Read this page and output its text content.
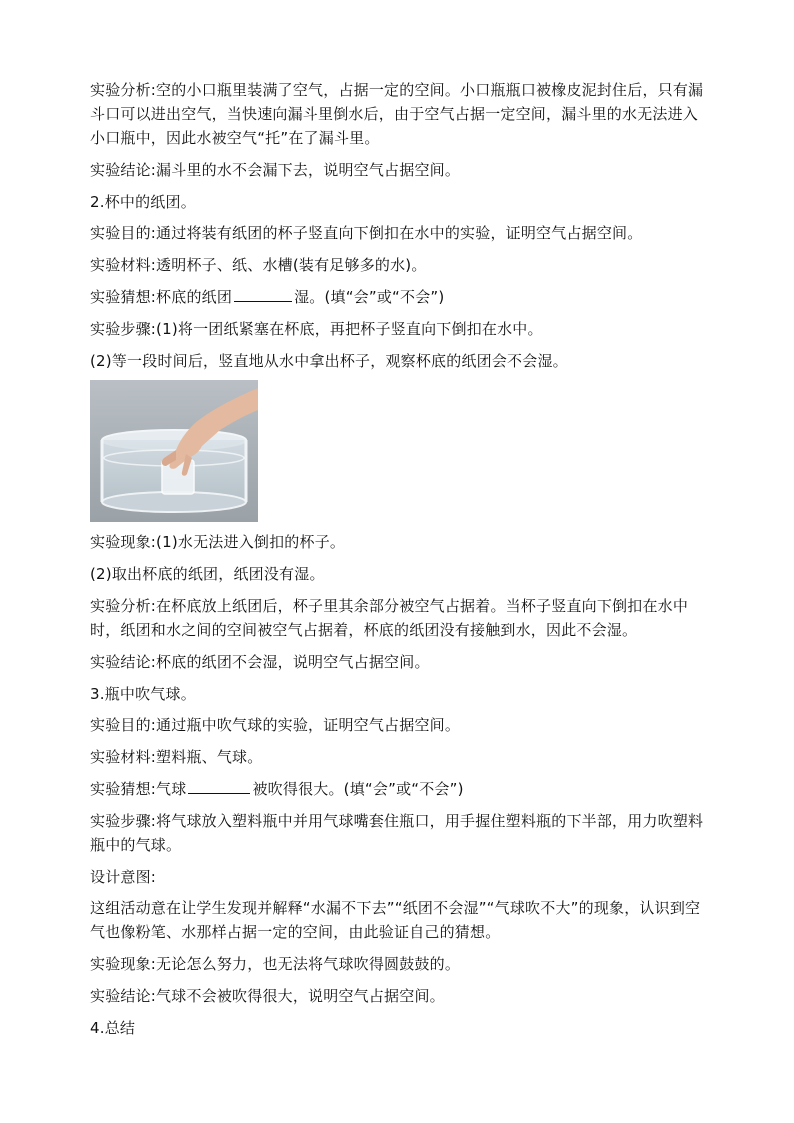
实验分析:空的小口瓶里装满了空气，占据一定的空间。小口瓶瓶口被橡皮泥封住后，只有漏斗口可以进出空气，当快速向漏斗里倒水后，由于空气占据一定空间，漏斗里的水无法进入小口瓶中，因此水被空气“托”在了漏斗里。

实验结论:漏斗里的水不会漏下去，说明空气占据空间。

2.杯中的纸团。

实验目的:通过将装有纸团的杯子竖直向下倒扣在水中的实验，证明空气占据空间。

实验材料:透明杯子、纸、水槽(装有足够多的水)。

实验猜想:杯底的纸团	湿。(填“会”或“不会”)

实验步骤:(1)将一团纸紧塞在杯底，再把杯子竖直向下倒扣在水中。

(2)等一段时间后，竖直地从水中拿出杯子，观察杯底的纸团会不会湿。

实验现象:(1)水无法进入倒扣的杯子。

(2)取出杯底的纸团，纸团没有湿。

实验分析:在杯底放上纸团后，杯子里其余部分被空气占据着。当杯子竖直向下倒扣在水中时，纸团和水之间的空间被空气占据着，杯底的纸团没有接触到水，因此不会湿。

实验结论:杯底的纸团不会湿，说明空气占据空间。

3.瓶中吹气球。

实验目的:通过瓶中吹气球的实验，证明空气占据空间。

实验材料:塑料瓶、气球。

实验猜想:气球	被吹得很大。(填“会”或“不会”)

实验步骤:将气球放入塑料瓶中并用气球嘴套住瓶口，用手握住塑料瓶的下半部，用力吹塑料瓶中的气球。

设计意图:

这组活动意在让学生发现并解释“水漏不下去”“纸团不会湿”“气球吹不大”的现象，认识到空气也像粉笔、水那样占据一定的空间，由此验证自己的猜想。

实验现象:无论怎么努力，也无法将气球吹得圆鼓鼓的。

实验结论:气球不会被吹得很大，说明空气占据空间。

4.总结
